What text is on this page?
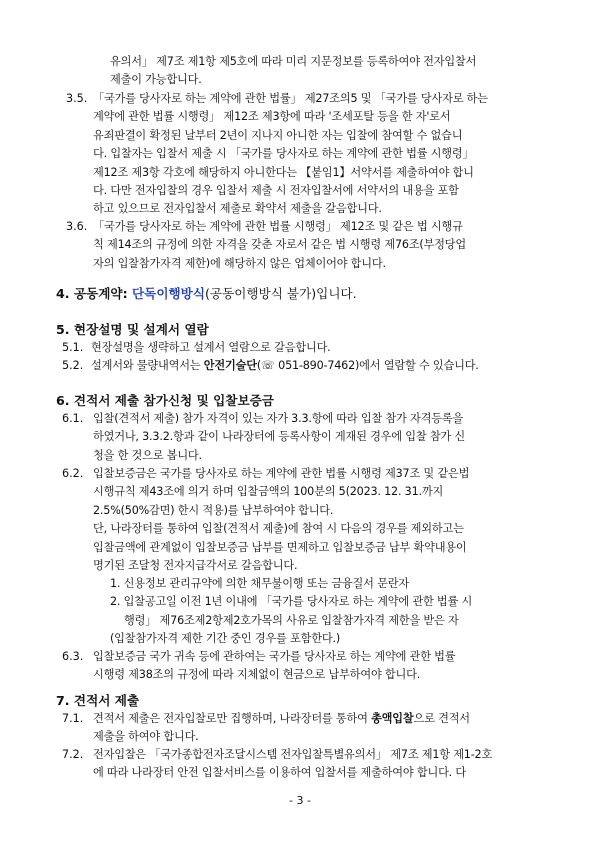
유의서」 제7조 제1항 제5호에 따라 미리 지문정보를 등록하여야 전자입찰서
제출이 가능합니다.
3.5. 「국가를 당사자로 하는 계약에 관한 법률」 제27조의5 및 「국가를 당사자로 하는
계약에 관한 법률 시행령」 제12조 제3항에 따라 '조세포탈 등을 한 자'로서
유죄판결이 확정된 날부터 2년이 지나지 아니한 자는 입찰에 참여할 수 없습니
다. 입찰자는 입찰서 제출 시 「국가를 당사자로 하는 계약에 관한 법률 시행령」
제12조 제3항 각호에 해당하지 아니한다는 【붙임1】서약서를 제출하여야 합니
다. 다만 전자입찰의 경우 입찰서 제출 시 전자입찰서에 서약서의 내용을 포함
하고 있으므로 전자입찰서 제출로 확약서 제출을 갈음합니다.
3.6. 「국가를 당사자로 하는 계약에 관한 법률 시행령」 제12조 및 같은 법 시행규
칙 제14조의 규정에 의한 자격을 갖춘 자로서 같은 법 시행령 제76조(부정당업
자의 입찰참가자격 제한)에 해당하지 않은 업체이어야 합니다.
4. 공동계약: 단독이행방식(공동이행방식 불가)입니다.
5. 현장설명 및 설계서 열람
5.1. 현장설명을 생략하고 설계서 열람으로 갈음합니다.
5.2. 설계서와 물량내역서는 안전기술단(☏ 051-890-7462)에서 열람할 수 있습니다.
6. 견적서 제출 참가신청 및 입찰보증금
6.1. 입찰(견적서 제출) 참가 자격이 있는 자가 3.3.항에 따라 입찰 참가 자격등록을
하였거나, 3.3.2.항과 같이 나라장터에 등록사항이 게재된 경우에 입찰 참가 신
청을 한 것으로 봅니다.
6.2. 입찰보증금은 국가를 당사자로 하는 계약에 관한 법률 시행령 제37조 및 같은법
시행규칙 제43조에 의거 하며 입찰금액의 100분의 5(2023. 12. 31.까지
2.5%(50%감면) 한시 적용)를 납부하여야 합니다.
단, 나라장터를 통하여 입찰(견적서 제출)에 참여 시 다음의 경우를 제외하고는
입찰금액에 관계없이 입찰보증금 납부를 면제하고 입찰보증금 납부 확약내용이
명기된 조달청 전자지급각서로 갈음합니다.
1. 신용정보 관리규약에 의한 채무불이행 또는 금융질서 문란자
2. 입찰공고일 이전 1년 이내에 「국가를 당사자로 하는 계약에 관한 법률 시
행령」 제76조제2항제2호가목의 사유로 입찰참가자격 제한을 받은 자
(입찰참가자격 제한 기간 중인 경우를 포함한다.)
6.3. 입찰보증금 국가 귀속 등에 관하여는 국가를 당사자로 하는 계약에 관한 법률
시행령 제38조의 규정에 따라 지체없이 현금으로 납부하여야 합니다.
7. 견적서 제출
7.1. 견적서 제출은 전자입찰로만 집행하며, 나라장터를 통하여 총액입찰으로 견적서
제출을 하여야 합니다.
7.2. 전자입찰은 「국가종합전자조달시스템 전자입찰특별유의서」 제7조 제1항 제1-2호
에 따라 나라장터 안전 입찰서비스를 이용하여 입찰서를 제출하여야 합니다. 다
- 3 -
